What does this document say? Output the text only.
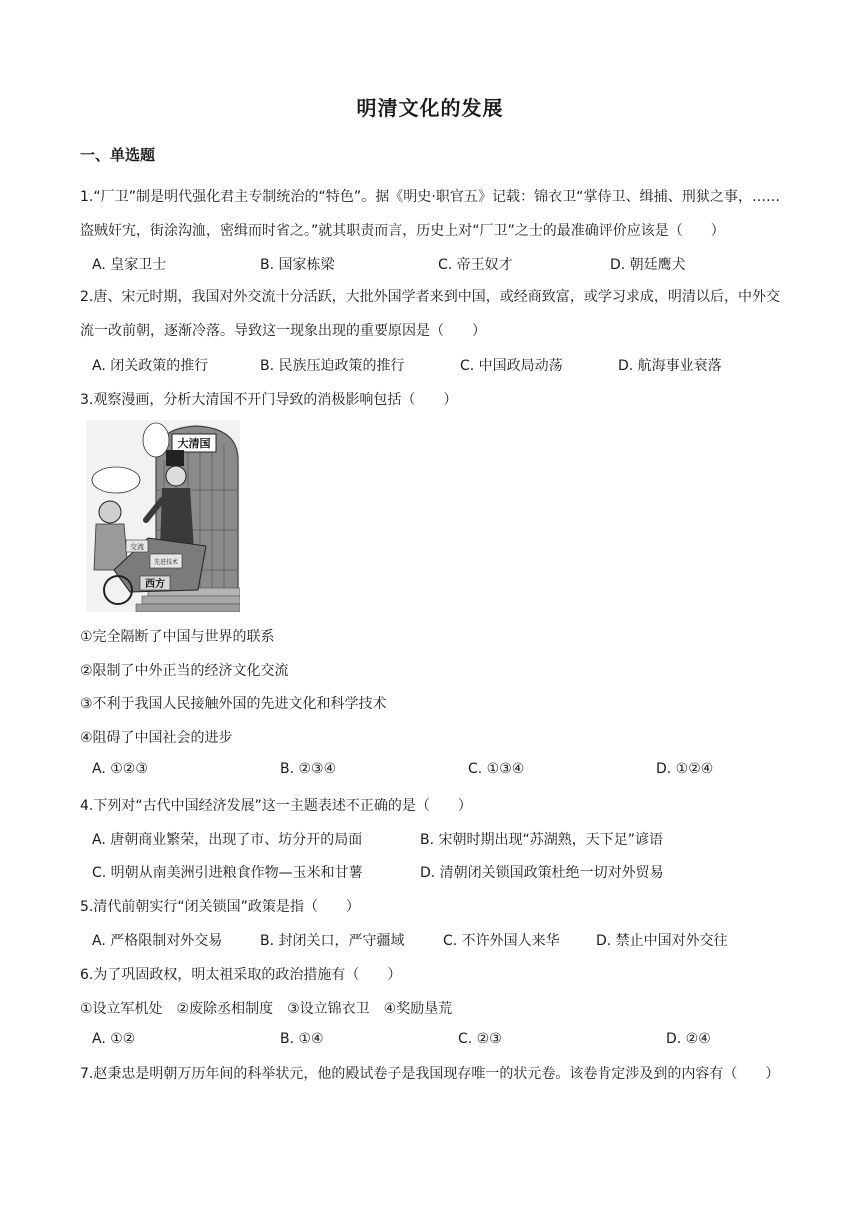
明清文化的发展
一、单选题
1.“厂卫”制是明代强化君主专制统治的“特色”。据《明史·职官五》记载：锦衣卫“掌侍卫、缉捕、刑狱之事，……盗贼奸宄，街涂沟洫，密缉而时省之。”就其职责而言，历史上对“厂卫”之士的最准确评价应该是（　　）
A. 皇家卫士	B. 国家栋梁	C. 帝王奴才	D. 朝廷鹰犬
2.唐、宋元时期，我国对外交流十分活跃，大批外国学者来到中国，或经商致富，或学习求成，明清以后，中外交流一改前朝，逐渐冷落。导致这一现象出现的重要原因是（　　）
A. 闭关政策的推行	B. 民族压迫政策的推行	C. 中国政局动荡	D. 航海事业衰落
3.观察漫画，分析大清国不开门导致的消极影响包括（　　）
大清国
交流
先进技术
西方
①完全隔断了中国与世界的联系
②限制了中外正当的经济文化交流
③不利于我国人民接触外国的先进文化和科学技术
④阻碍了中国社会的进步
A. ①②③	B. ②③④	C. ①③④	D. ①②④
4.下列对“古代中国经济发展”这一主题表述不正确的是（　　）
A. 唐朝商业繁荣，出现了市、坊分开的局面	B. 宋朝时期出现“苏湖熟，天下足”谚语
C. 明朝从南美洲引进粮食作物—玉米和甘薯	D. 清朝闭关锁国政策杜绝一切对外贸易
5.清代前朝实行“闭关锁国”政策是指（　　）
A. 严格限制对外交易	B. 封闭关口，严守疆域	C. 不许外国人来华	D. 禁止中国对外交往
6.为了巩固政权，明太祖采取的政治措施有（　　）
①设立军机处　②废除丞相制度　③设立锦衣卫　④奖励垦荒
A. ①②	B. ①④	C. ②③	D. ②④
7.赵秉忠是明朝万历年间的科举状元，他的殿试卷子是我国现存唯一的状元卷。该卷肯定涉及到的内容有（　　）
